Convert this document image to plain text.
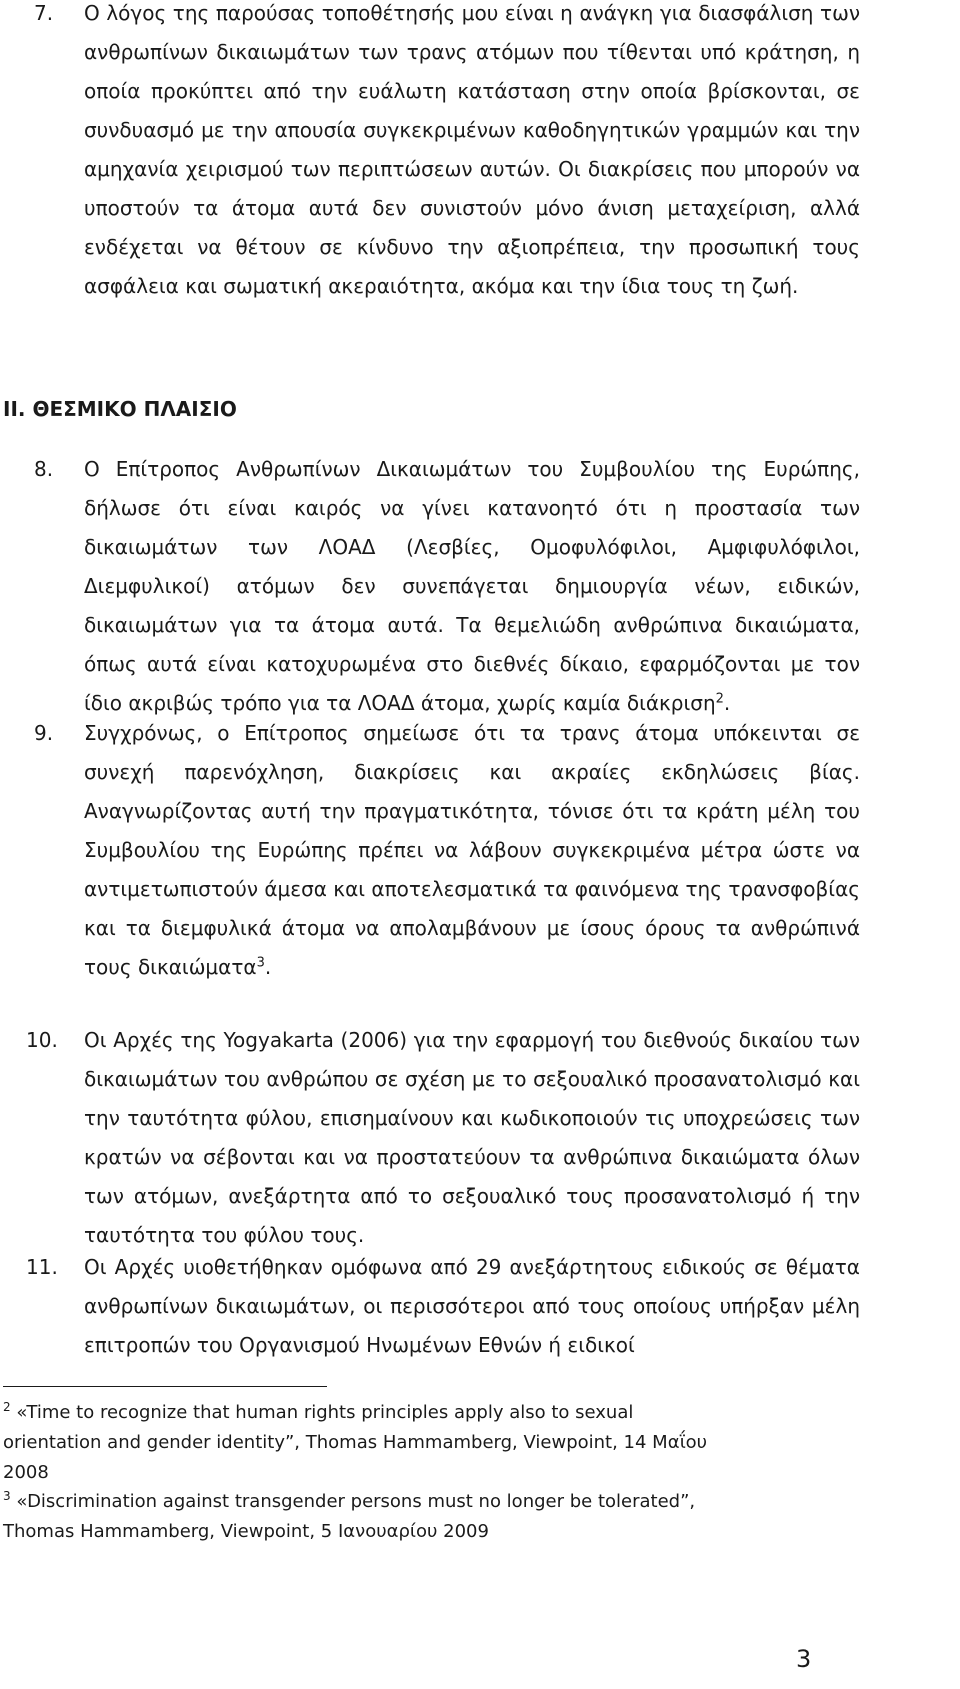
7.	Ο λόγος της παρούσας τοποθέτησής μου είναι η ανάγκη για διασφάλιση των ανθρωπίνων δικαιωμάτων των τρανς ατόμων που τίθενται υπό κράτηση, η οποία προκύπτει από την ευάλωτη κατάσταση στην οποία βρίσκονται, σε συνδυασμό με την απουσία συγκεκριμένων καθοδηγητικών γραμμών και την αμηχανία χειρισμού των περιπτώσεων αυτών. Οι διακρίσεις που μπορούν να υποστούν τα άτομα αυτά δεν συνιστούν μόνο άνιση μεταχείριση, αλλά ενδέχεται να θέτουν σε κίνδυνο την αξιοπρέπεια, την προσωπική τους ασφάλεια και σωματική ακεραιότητα, ακόμα και την ίδια τους τη ζωή.

II. ΘΕΣΜΙΚΟ ΠΛΑΙΣΙΟ

8.	Ο Επίτροπος Ανθρωπίνων Δικαιωμάτων του Συμβουλίου της Ευρώπης, δήλωσε ότι είναι καιρός να γίνει κατανοητό ότι η προστασία των δικαιωμάτων των ΛΟΑΔ (Λεσβίες, Ομοφυλόφιλοι, Αμφιφυλόφιλοι, Διεμφυλικοί) ατόμων δεν συνεπάγεται δημιουργία νέων, ειδικών, δικαιωμάτων για τα άτομα αυτά. Τα θεμελιώδη ανθρώπινα δικαιώματα, όπως αυτά είναι κατοχυρωμένα στο διεθνές δίκαιο, εφαρμόζονται με τον ίδιο ακριβώς τρόπο για τα ΛΟΑΔ άτομα, χωρίς καμία διάκριση$^2$.

9.	Συγχρόνως, ο Επίτροπος σημείωσε ότι τα τρανς άτομα υπόκεινται σε συνεχή παρενόχληση, διακρίσεις και ακραίες εκδηλώσεις βίας. Αναγνωρίζοντας αυτή την πραγματικότητα, τόνισε ότι τα κράτη μέλη του Συμβουλίου της Ευρώπης πρέπει να λάβουν συγκεκριμένα μέτρα ώστε να αντιμετωπιστούν άμεσα και αποτελεσματικά τα φαινόμενα της τρανσφοβίας και τα διεμφυλικά άτομα να απολαμβάνουν με ίσους όρους τα ανθρώπινά τους δικαιώματα$^3$.

10.	Οι Αρχές της Yogyakarta (2006) για την εφαρμογή του διεθνούς δικαίου των δικαιωμάτων του ανθρώπου σε σχέση με το σεξουαλικό προσανατολισμό και την ταυτότητα φύλου, επισημαίνουν και κωδικοποιούν τις υποχρεώσεις των κρατών να σέβονται και να προστατεύουν τα ανθρώπινα δικαιώματα όλων των ατόμων, ανεξάρτητα από το σεξουαλικό τους προσανατολισμό ή την ταυτότητα του φύλου τους.

11.	Οι Αρχές υιοθετήθηκαν ομόφωνα από 29 ανεξάρτητους ειδικούς σε θέματα ανθρωπίνων δικαιωμάτων, οι περισσότεροι από τους οποίους υπήρξαν μέλη επιτροπών του Οργανισμού Ηνωμένων Εθνών ή ειδικοί

$^2$ «Time to recognize that human rights principles apply also to sexual
orientation and gender identity”, Thomas Hammamberg, Viewpoint, 14 Μαΐου
2008
$^3$ «Discrimination against transgender persons must no longer be tolerated”,
Thomas Hammamberg, Viewpoint, 5 Ιανουαρίου 2009

3
